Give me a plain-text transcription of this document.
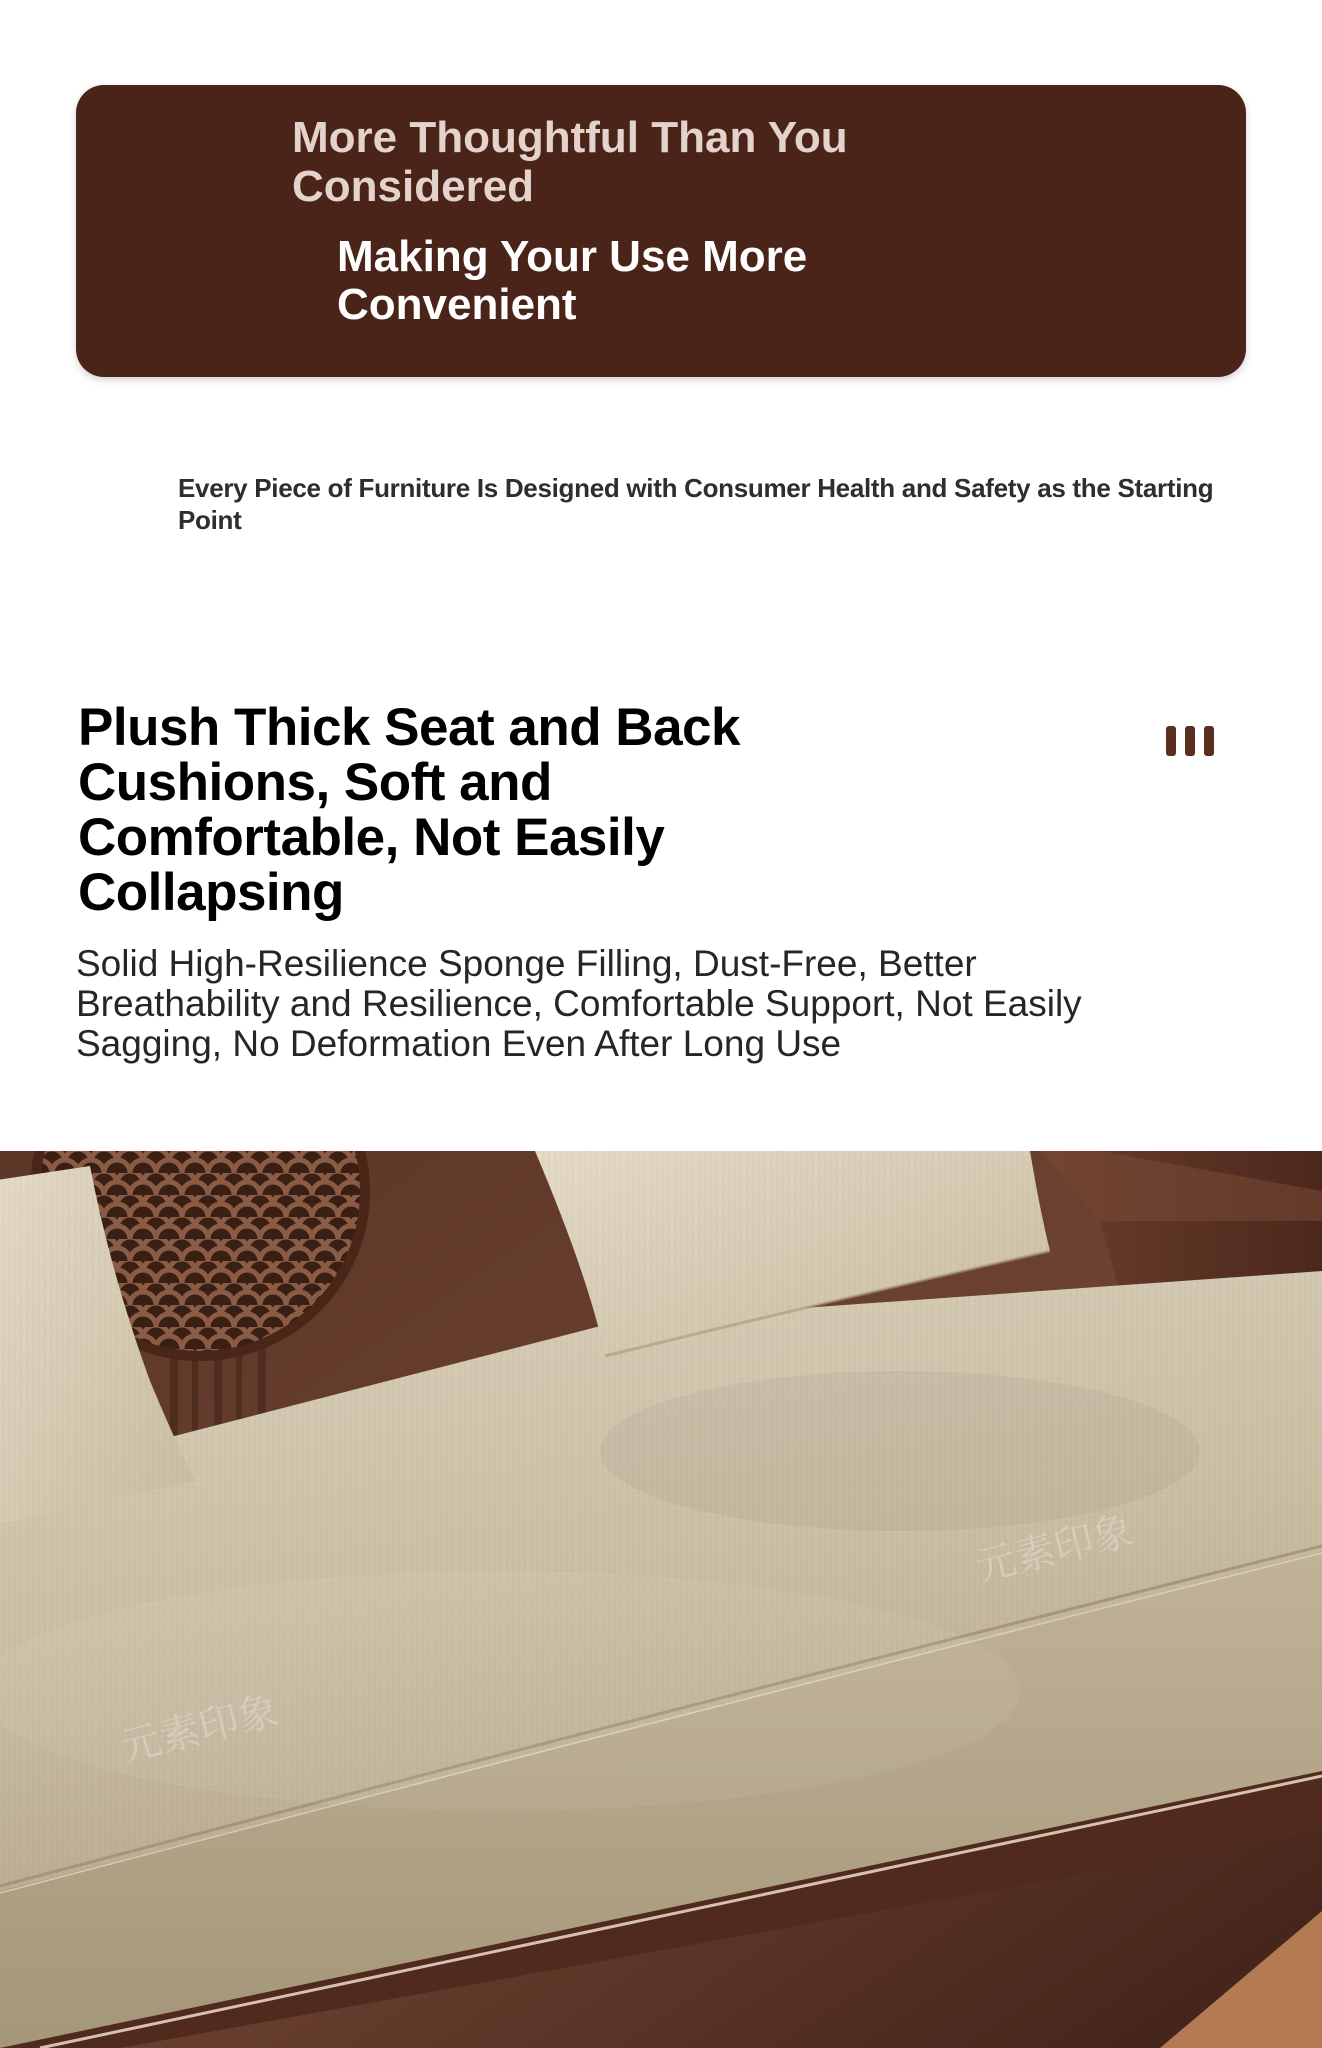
More Thoughtful Than You Considered
Making Your Use More Convenient

Every Piece of Furniture Is Designed with Consumer Health and Safety as the Starting Point

Plush Thick Seat and Back Cushions, Soft and Comfortable, Not Easily Collapsing

Solid High-Resilience Sponge Filling, Dust-Free, Better Breathability and Resilience, Comfortable Support, Not Easily Sagging, No Deformation Even After Long Use

元素印象
元素印象
